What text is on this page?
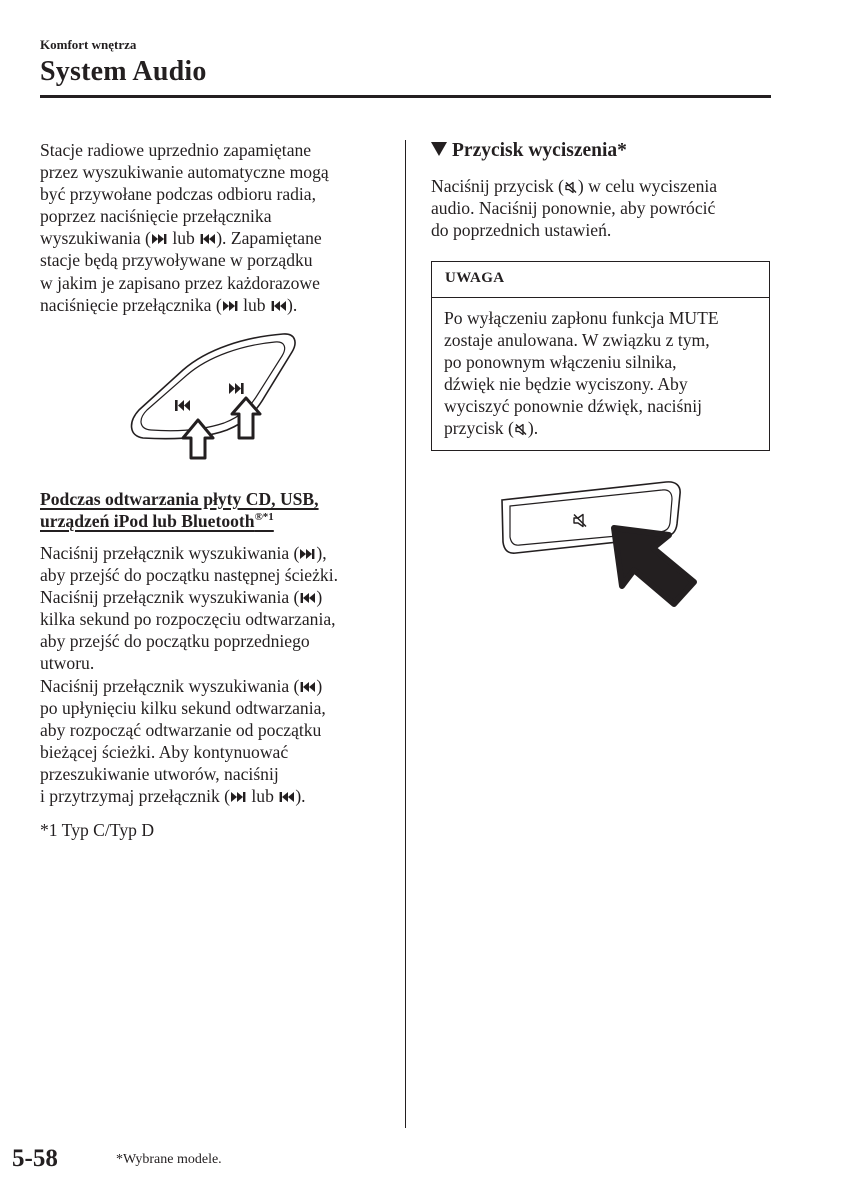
Komfort wnętrza
System Audio
Stacje radiowe uprzednio zapamiętane
przez wyszukiwanie automatyczne mogą
być przywołane podczas odbioru radia,
poprzez naciśnięcie przełącznika
wyszukiwania ( lub ). Zapamiętane
stacje będą przywoływane w porządku
w jakim je zapisano przez każdorazowe
naciśnięcie przełącznika ( lub ).
Podczas odtwarzania płyty CD, USB,
urządzeń iPod lub Bluetooth$^{®*1}$
Naciśnij przełącznik wyszukiwania ( ),
aby przejść do początku następnej ścieżki.
Naciśnij przełącznik wyszukiwania ( )
kilka sekund po rozpoczęciu odtwarzania,
aby przejść do początku poprzedniego
utworu.
Naciśnij przełącznik wyszukiwania ( )
po upłynięciu kilku sekund odtwarzania,
aby rozpocząć odtwarzanie od początku
bieżącej ścieżki. Aby kontynuować
przeszukiwanie utworów, naciśnij
i przytrzymaj przełącznik ( lub ).
*1 Typ C/Typ D
Przycisk wyciszenia*
Naciśnij przycisk ( ) w celu wyciszenia
audio. Naciśnij ponownie, aby powrócić
do poprzednich ustawień.
UWAGA
Po wyłączeniu zapłonu funkcja MUTE
zostaje anulowana. W związku z tym,
po ponownym włączeniu silnika,
dźwięk nie będzie wyciszony. Aby
wyciszyć ponownie dźwięk, naciśnij
przycisk ( ).
5-58	*Wybrane modele.
